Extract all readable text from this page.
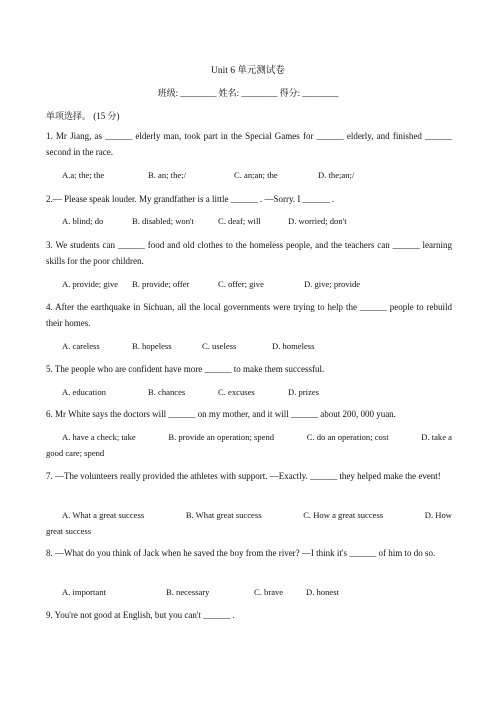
Unit 6 单元测试卷
班级: ________ 姓名: ________ 得分: ________
单项选择。 (15 分)
1. Mr Jiang, as ______ elderly man, took part in the Special Games for ______ elderly, and finished ______ second in the race.
A.a; the; the	B. an; the;/	C. an;an; the	D. the;an;/
2.— Please speak louder. My grandfather is a little ______ . —Sorry. I ______ .
A. blind; do	B. disabled; won't	C. deaf; will	D. worried; don't
3. We students can ______ food and old clothes to the homeless people, and the teachers can ______ learning skills for the poor children.
A. provide; give B. provide; offer	C. offer; give	D. give; provide
4. After the earthquake in Sichuan, all the local governments were trying to help the ______ people to rebuild their homes.
A. careless	B. hopeless	C. useless	D. homeless
5. The people who are confident have more ______ to make them successful.
A. education	B. chances	C. excuses	D. prizes
6. Mr White says the doctors will ______ on my mother, and it will ______ about 200, 000 yuan.
A. have a check; take	B. provide an operation; spend	C. do an operation; cost	D. take a
good care; spend
7. —The volunteers really provided the athletes with support. —Exactly. ______ they helped make the event!
A. What a great success	B. What great success	C. How a great success	D. How
great success
8. —What do you think of Jack when he saved the boy from the river? —I think it's ______ of him to do so.
A. important	B. necessary	C. brave	D. honest
9. You're not good at English, but you can't ______ .
